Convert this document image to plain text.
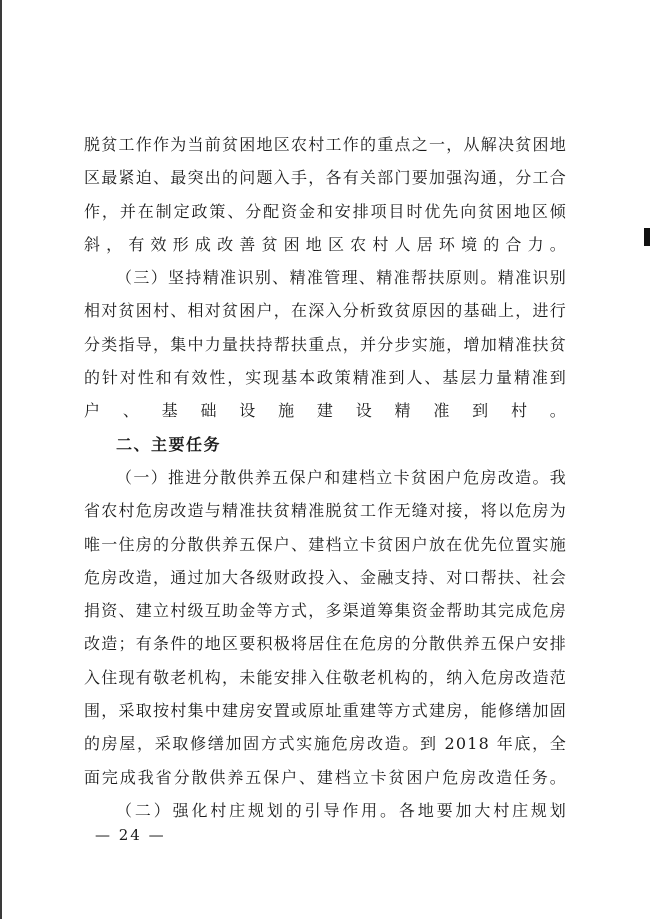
脱贫工作作为当前贫困地区农村工作的重点之一，从解决贫困地区最紧迫、最突出的问题入手，各有关部门要加强沟通，分工合作，并在制定政策、分配资金和安排项目时优先向贫困地区倾斜，有效形成改善贫困地区农村人居环境的合力。

（三）坚持精准识别、精准管理、精准帮扶原则。精准识别相对贫困村、相对贫困户，在深入分析致贫原因的基础上，进行分类指导，集中力量扶持帮扶重点，并分步实施，增加精准扶贫的针对性和有效性，实现基本政策精准到人、基层力量精准到户、基础设施建设精准到村。

二、主要任务

（一）推进分散供养五保户和建档立卡贫困户危房改造。我省农村危房改造与精准扶贫精准脱贫工作无缝对接，将以危房为唯一住房的分散供养五保户、建档立卡贫困户放在优先位置实施危房改造，通过加大各级财政投入、金融支持、对口帮扶、社会捐资、建立村级互助金等方式，多渠道筹集资金帮助其完成危房改造；有条件的地区要积极将居住在危房的分散供养五保户安排入住现有敬老机构，未能安排入住敬老机构的，纳入危房改造范围，采取按村集中建房安置或原址重建等方式建房，能修缮加固的房屋，采取修缮加固方式实施危房改造。到 2018 年底，全面完成我省分散供养五保户、建档立卡贫困户危房改造任务。

（二）强化村庄规划的引导作用。各地要加大村庄规划

— 24 —
